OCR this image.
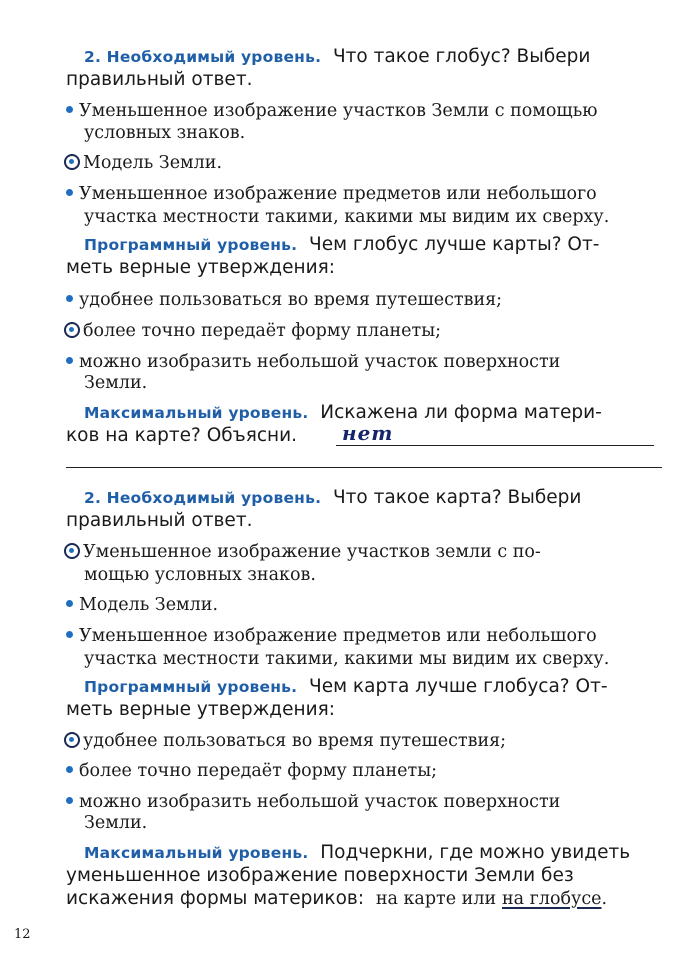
2. Необходимый уровень. Что такое глобус? Выбери
правильный ответ.
Уменьшенное изображение участков Земли с помощью
условных знаков.
Модель Земли.
Уменьшенное изображение предметов или небольшого
участка местности такими, какими мы видим их сверху.
Программный уровень. Чем глобус лучше карты? От-
меть верные утверждения:
удобнее пользоваться во время путешествия;
более точно передаёт форму планеты;
можно изобразить небольшой участок поверхности
Земли.
Максимальный уровень. Искажена ли форма матери-
ков на карте? Объясни. нет
2. Необходимый уровень. Что такое карта? Выбери
правильный ответ.
Уменьшенное изображение участков земли с по-
мощью условных знаков.
Модель Земли.
Уменьшенное изображение предметов или небольшого
участка местности такими, какими мы видим их сверху.
Программный уровень. Чем карта лучше глобуса? От-
меть верные утверждения:
удобнее пользоваться во время путешествия;
более точно передаёт форму планеты;
можно изобразить небольшой участок поверхности
Земли.
Максимальный уровень. Подчеркни, где можно увидеть
уменьшенное изображение поверхности Земли без
искажения формы материков: на карте или на глобусе.
12
